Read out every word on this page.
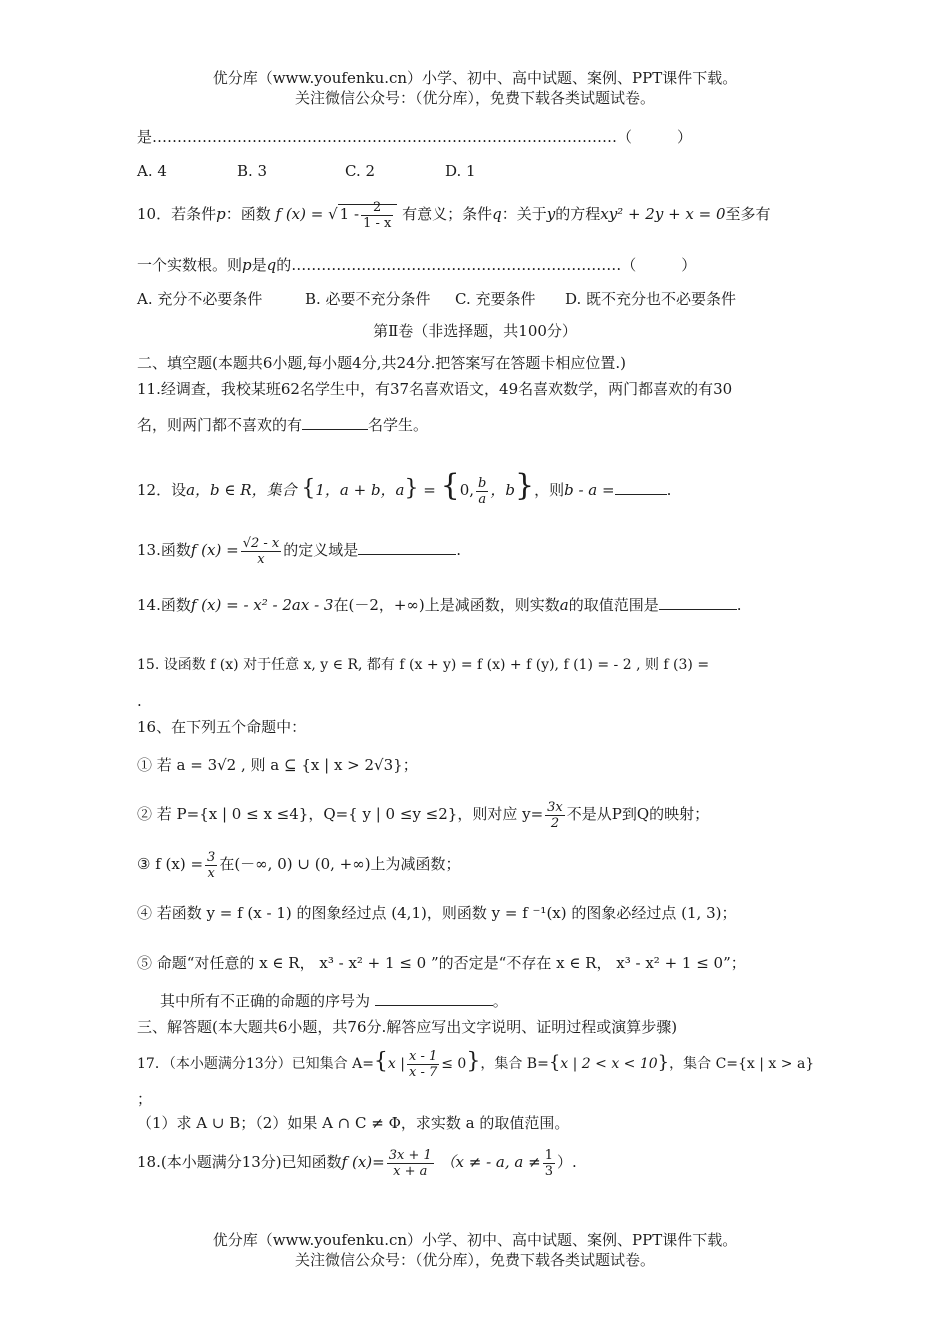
优分库（www.youfenku.cn）小学、初中、高中试题、案例、PPT课件下载。
关注微信公众号：（优分库），免费下载各类试题试卷。
是…………………………………………………………………………………（　　　）
A. 4	B. 3	C. 2	D. 1
10．若条件p：函数 f (x) = √ $1 - \frac{2}{1 - x}$ 有意义；条件q：关于y的方程xy² + 2y + x = 0至多有
一个实数根。则p是q的…………………………………………………………（　　　）
A. 充分不必要条件	B. 必要不充分条件 C. 充要条件 D. 既不充分也不必要条件
第Ⅱ卷（非选择题，共100分）
二、填空题(本题共6小题,每小题4分,共24分.把答案写在答题卡相应位置.)
11.经调查，我校某班62名学生中，有37名喜欢语文，49名喜欢数学，两门都喜欢的有30
名，则两门都不喜欢的有	名学生。
12．设a，b ∈ R，集合 {1，a + b，a} = {0, $\frac{b}{a}$ ，b}，则b - a =	.
13.函数f $(x) = \frac{√2 - x}{x}$ 的定义域是	.
14.函数f (x) = - x² - 2ax - 3在(－2，+∞)上是减函数，则实数a的取值范围是	.
15. 设函数 f (x) 对于任意 x, y ∈ R, 都有 f (x + y) = f (x) + f (y), f (1) = - 2 , 则 f (3) =
.
16、在下列五个命题中：
① 若 a = 3√2 , 则 a ⊆ {x | x > 2√3}；
② 若 P={x | 0 ≤ x ≤4}，Q={ y | 0 ≤y ≤2}，则对应 $y= \frac{3x}{2}$ 不是从P到Q的映射；
③ f $(x) = \frac{3}{x}$ 在(－∞, 0) ∪ (0, +∞)上为减函数；
④ 若函数 y = f (x - 1) 的图象经过点 (4,1)，则函数 y = f ⁻¹(x) 的图象必经过点 (1, 3)；
⑤ 命题“对任意的 x ∈ R， x³ - x² + 1 ≤ 0 ”的否定是“不存在 x ∈ R， x³ - x² + 1 ≤ 0”；
其中所有不正确的命题的序号为	。
三、解答题(本大题共6小题，共76分.解答应写出文字说明、证明过程或演算步骤)
17．（本小题满分13分）已知集合 A={x | $\frac{x - 1}{x - 7} \le 0$}，集合 B={x | 2 < x < 10}，集合 C={x | x > a}
；
（1）求 A ∪ B；（2）如果 A ∩ C ≠ Φ，求实数 a 的取值范围。
18.(本小题满分13分)已知函数f $(x)= \frac{3x + 1}{x + a} (x$ ≠ - a, $a \ne \frac{1}{3}$ ）.
优分库（www.youfenku.cn）小学、初中、高中试题、案例、PPT课件下载。
关注微信公众号：（优分库），免费下载各类试题试卷。
